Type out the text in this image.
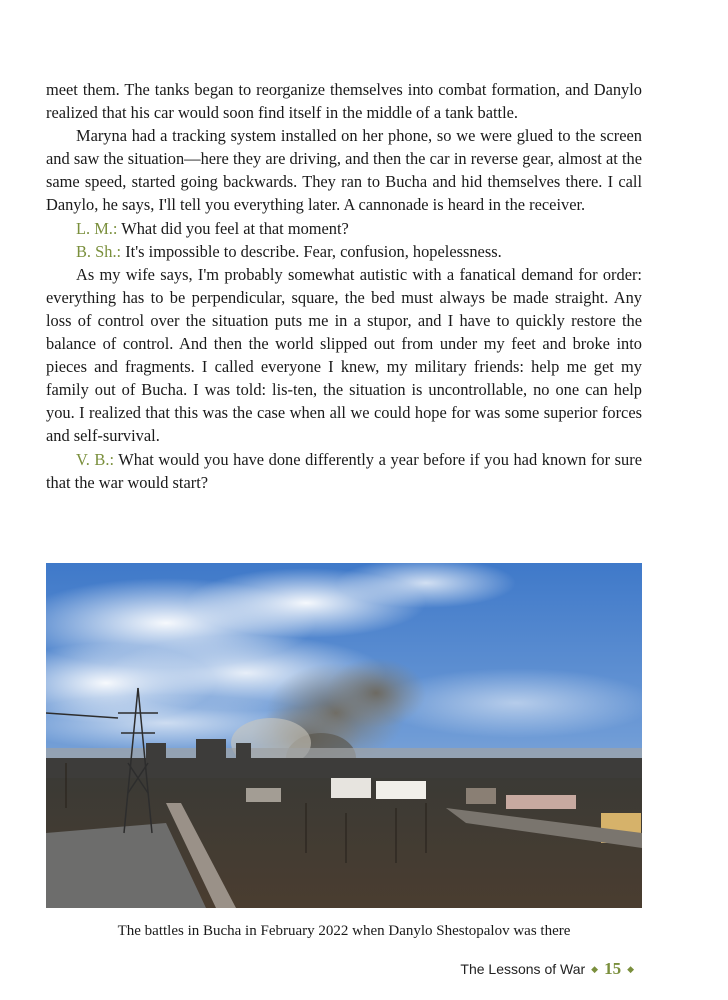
meet them. The tanks began to reorganize themselves into combat formation, and Danylo realized that his car would soon find itself in the middle of a tank battle.

Maryna had a tracking system installed on her phone, so we were glued to the screen and saw the situation—here they are driving, and then the car in reverse gear, almost at the same speed, started going backwards. They ran to Bucha and hid themselves there. I call Danylo, he says, I'll tell you everything later. A cannonade is heard in the receiver.

L. M.: What did you feel at that moment?

B. Sh.: It's impossible to describe. Fear, confusion, hopelessness.

As my wife says, I'm probably somewhat autistic with a fanatical demand for order: everything has to be perpendicular, square, the bed must always be made straight. Any loss of control over the situation puts me in a stupor, and I have to quickly restore the balance of control. And then the world slipped out from under my feet and broke into pieces and fragments. I called everyone I knew, my military friends: help me get my family out of Bucha. I was told: lis-ten, the situation is uncontrollable, no one can help you. I realized that this was the case when all we could hope for was some superior forces and self-survival.

V. B.: What would you have done differently a year before if you had known for sure that the war would start?

The battles in Bucha in February 2022 when Danylo Shestopalov was there
The Lessons of War ◆ 15 ◆
